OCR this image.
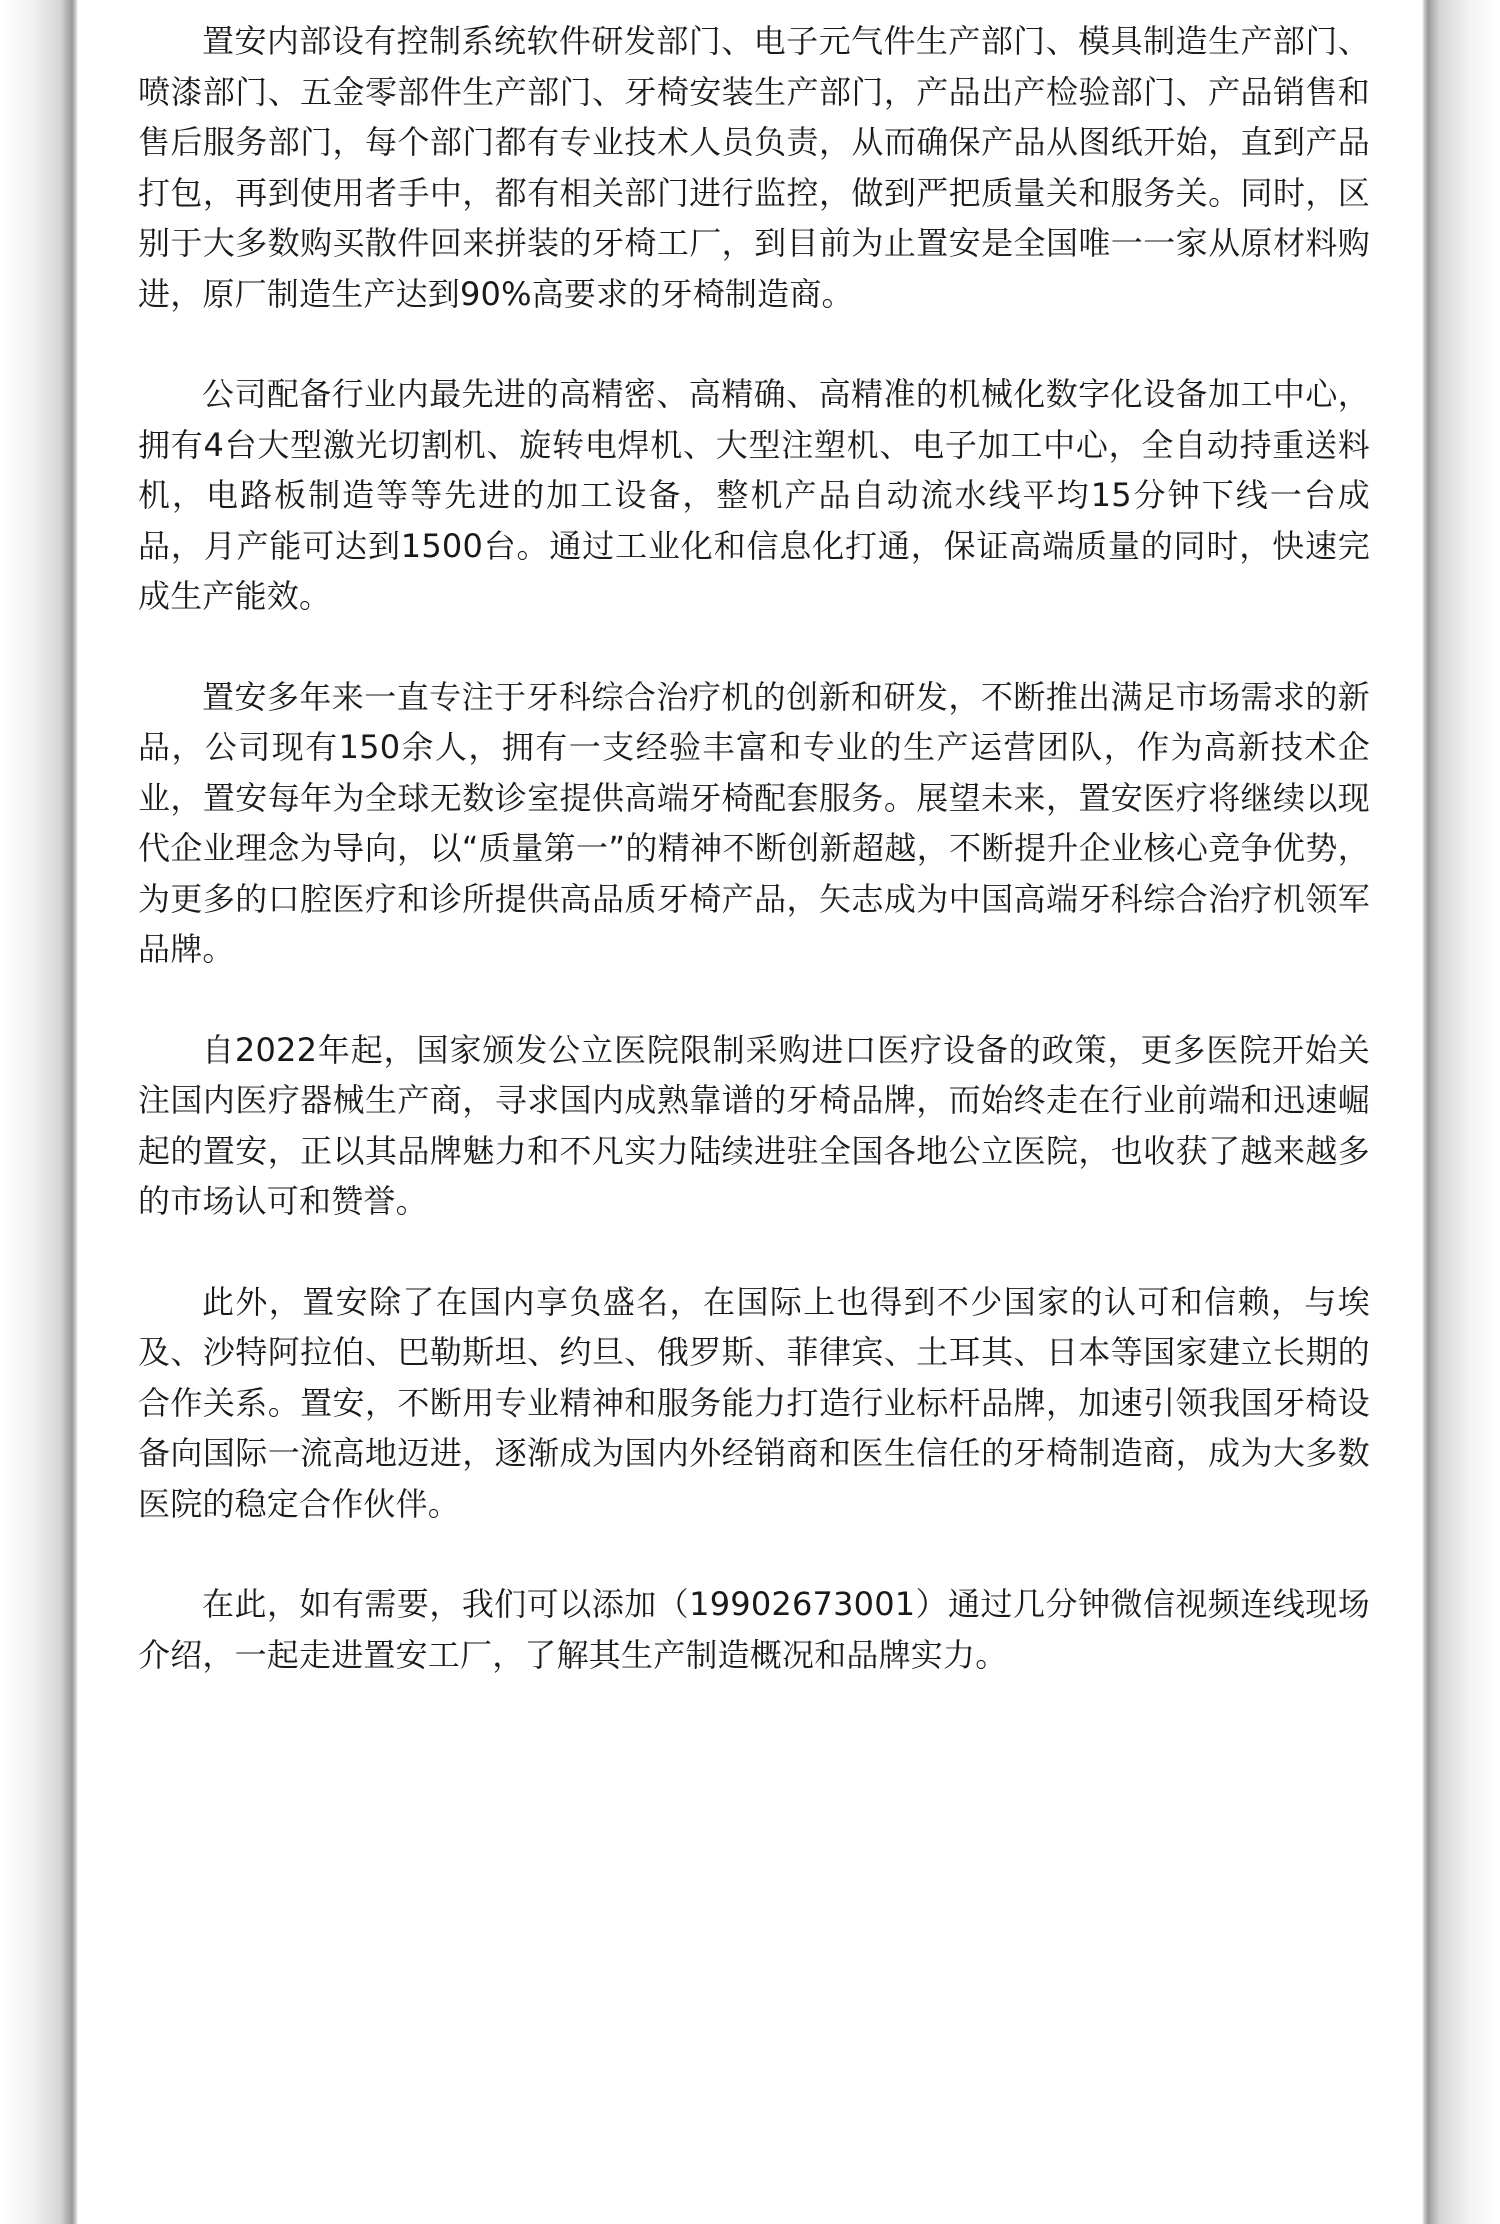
置安内部设有控制系统软件研发部门、电子元气件生产部门、模具制造生产部门、喷漆部门、五金零部件生产部门、牙椅安装生产部门，产品出产检验部门、产品销售和售后服务部门，每个部门都有专业技术人员负责，从而确保产品从图纸开始，直到产品打包，再到使用者手中，都有相关部门进行监控，做到严把质量关和服务关。同时，区别于大多数购买散件回来拼装的牙椅工厂，到目前为止置安是全国唯一一家从原材料购进，原厂制造生产达到90%高要求的牙椅制造商。

公司配备行业内最先进的高精密、高精确、高精准的机械化数字化设备加工中心，拥有4台大型激光切割机、旋转电焊机、大型注塑机、电子加工中心，全自动持重送料机，电路板制造等等先进的加工设备，整机产品自动流水线平均15分钟下线一台成品，月产能可达到1500台。通过工业化和信息化打通，保证高端质量的同时，快速完成生产能效。

置安多年来一直专注于牙科综合治疗机的创新和研发，不断推出满足市场需求的新品，公司现有150余人，拥有一支经验丰富和专业的生产运营团队，作为高新技术企业，置安每年为全球无数诊室提供高端牙椅配套服务。展望未来，置安医疗将继续以现代企业理念为导向，以“质量第一”的精神不断创新超越，不断提升企业核心竞争优势，为更多的口腔医疗和诊所提供高品质牙椅产品，矢志成为中国高端牙科综合治疗机领军品牌。

自2022年起，国家颁发公立医院限制采购进口医疗设备的政策，更多医院开始关注国内医疗器械生产商，寻求国内成熟靠谱的牙椅品牌，而始终走在行业前端和迅速崛起的置安，正以其品牌魅力和不凡实力陆续进驻全国各地公立医院，也收获了越来越多的市场认可和赞誉。

此外，置安除了在国内享负盛名，在国际上也得到不少国家的认可和信赖，与埃及、沙特阿拉伯、巴勒斯坦、约旦、俄罗斯、菲律宾、土耳其、日本等国家建立长期的合作关系。置安，不断用专业精神和服务能力打造行业标杆品牌，加速引领我国牙椅设备向国际一流高地迈进，逐渐成为国内外经销商和医生信任的牙椅制造商，成为大多数医院的稳定合作伙伴。

在此，如有需要，我们可以添加（19902673001）通过几分钟微信视频连线现场介绍，一起走进置安工厂，了解其生产制造概况和品牌实力。
